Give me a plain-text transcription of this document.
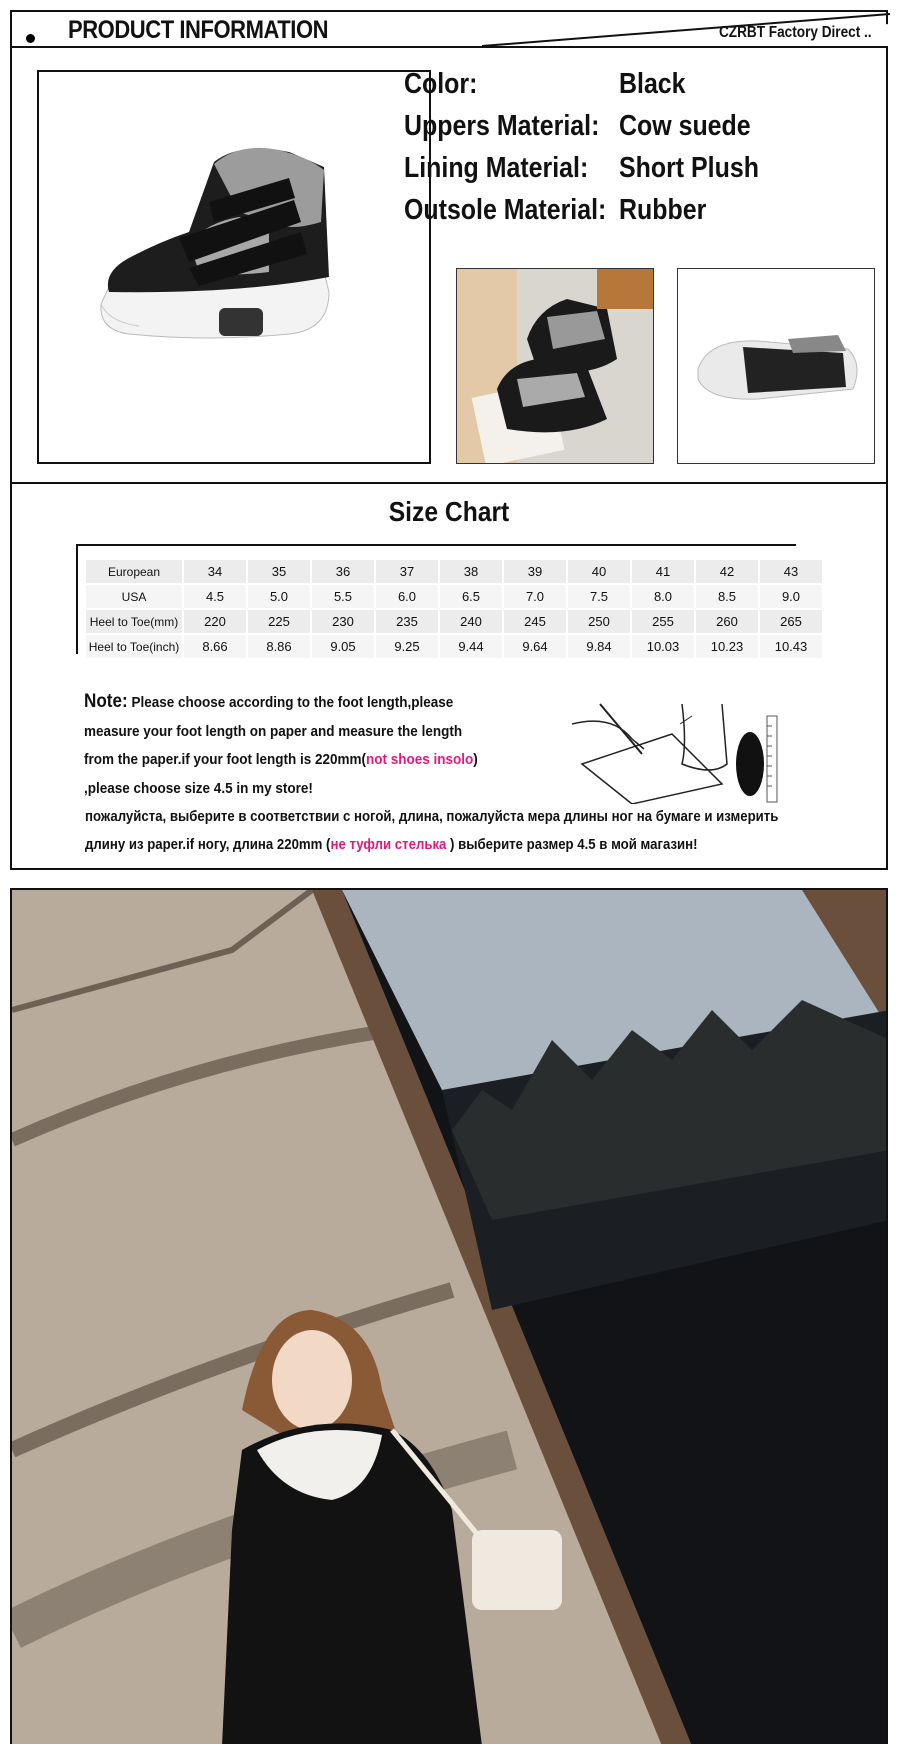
PRODUCT INFORMATION	CZRBT Factory Direct ..
Color:	Black
Uppers Material: Cow suede
Lining Material: Short Plush
Outsole Material: Rubber
Size Chart
European	34	35	36	37	38	39	40	41	42	43
USA	4.5	5.0	5.5	6.0	6.5	7.0	7.5	8.0	8.5	9.0
Heel to Toe(mm)	220	225	230	235	240	245	250	255	260	265
Heel to Toe(inch)	8.66	8.86	9.05	9.25	9.44	9.64	9.84	10.03	10.23	10.43
Note: Please choose according to the foot length,please
measure your foot length on paper and measure the length
from the paper.if your foot length is 220mm(not shoes insolo)
,please choose size 4.5 in my store!
пожалуйста, выберите в соответствии с ногой, длина, пожалуйста мера длины ног на бумаге и измерить
длину из paper.if ногу, длина 220mm (не туфли стелька ) выберите размер 4.5 в мой магазин!
